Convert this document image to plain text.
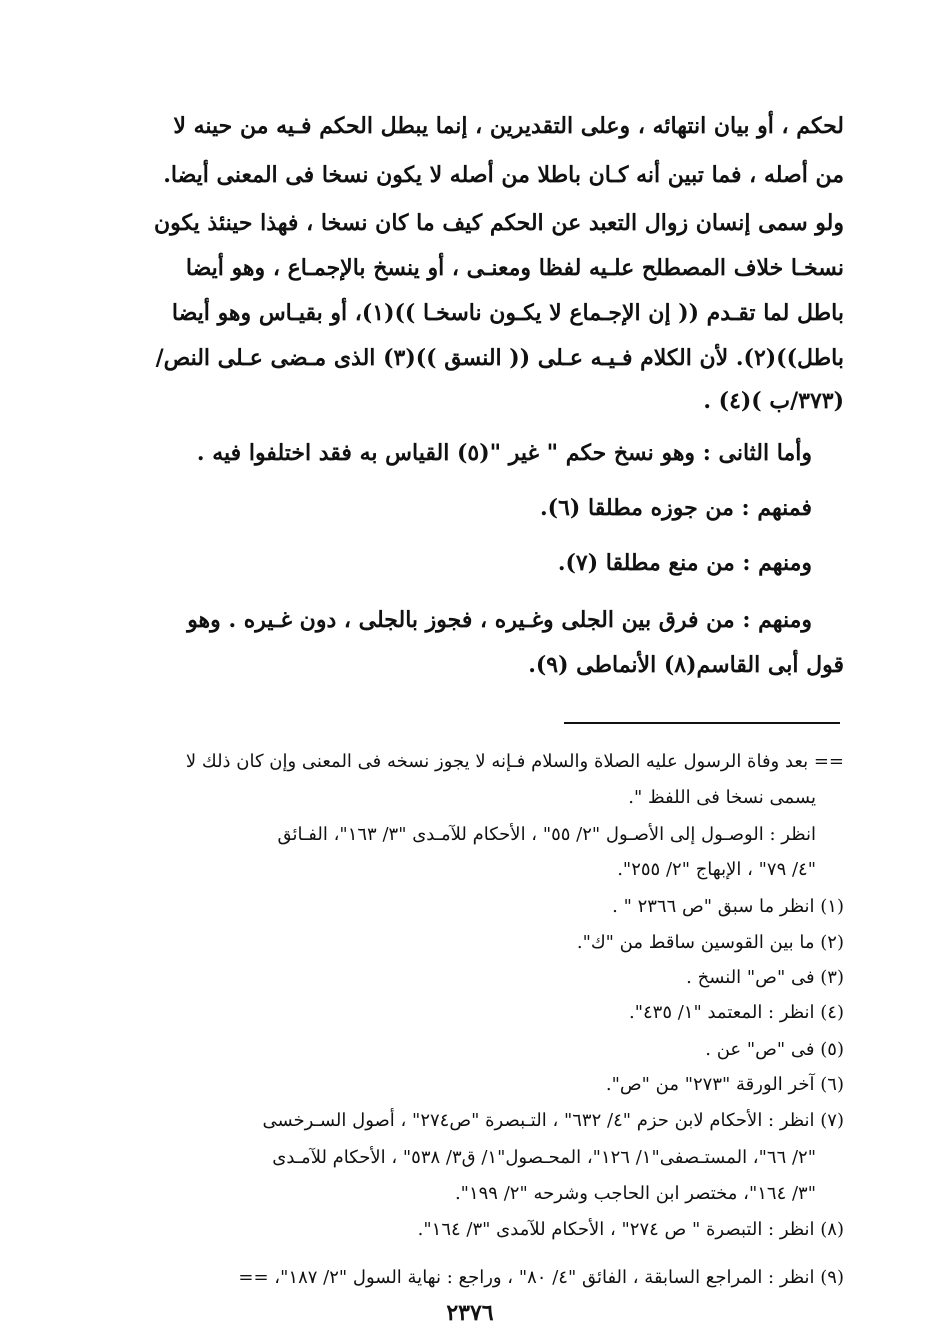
لحكم ، أو بيان انتهائه ، وعلى التقديرين ، إنما يبطل الحكم فـيه من حينه لا
من أصله ، فما تبين أنه كـان باطلا من أصله لا يكون نسخا فى المعنى أيضا.
ولو سمى إنسان زوال التعبد عن الحكم كيف ما كان نسخا ، فهذا حينئذ يكون
نسخـا خلاف المصطلح علـيه لفظا ومعنـى ، أو ينسخ بالإجمـاع ، وهو أيضا
باطل لما تقـدم (( إن الإجـماع لا يكـون ناسخـا ))(١)، أو بقيـاس وهو أيضا
باطل))(٢). لأن الكلام فـيـه عـلى (( النسق ))(٣) الذى مـضى عـلى النص/
(٣٧٣/ب )(٤) .
وأما الثانى : وهو نسخ حكم " غير "(٥) القياس به فقد اختلفوا فيه .
فمنهم : من جوزه مطلقا (٦).
ومنهم : من منع مطلقا (٧).
ومنهم : من فرق بين الجلى وغـيره ، فجوز بالجلى ، دون غـيره . وهو
قول أبى القاسم(٨) الأنماطى (٩).
== بعد وفاة الرسول عليه الصلاة والسلام فـإنه لا يجوز نسخه فى المعنى وإن كان ذلك لا
يسمى نسخا فى اللفظ ".
انظر : الوصـول إلى الأصـول "٢/ ٥٥" ، الأحكام للآمـدى "٣/ ١٦٣"، الفـائق
"٤/ ٧٩" ، الإبهاج "٢/ ٢٥٥".
(١) انظر ما سبق "ص ٢٣٦٦ " .
(٢) ما بين القوسين ساقط من "ك".
(٣) فى "ص" النسخ .
(٤) انظر : المعتمد "١/ ٤٣٥".
(٥) فى "ص" عن .
(٦) آخر الورقة "٢٧٣" من "ص".
(٧) انظر : الأحكام لابن حزم "٤/ ٦٣٢" ، التـبصرة "ص٢٧٤" ، أصول السـرخسى
"٢/ ٦٦"، المستـصفى"١/ ١٢٦"، المحـصول"١/ ق٣/ ٥٣٨" ، الأحكام للآمـدى
"٣/ ١٦٤"، مختصر ابن الحاجب وشرحه "٢/ ١٩٩".
(٨) انظر : التبصرة " ص ٢٧٤" ، الأحكام للآمدى "٣/ ١٦٤".
(٩) انظر : المراجع السابقة ، الفائق "٤/ ٨٠" ، وراجع : نهاية السول "٢/ ١٨٧"، ==
٢٣٧٦
